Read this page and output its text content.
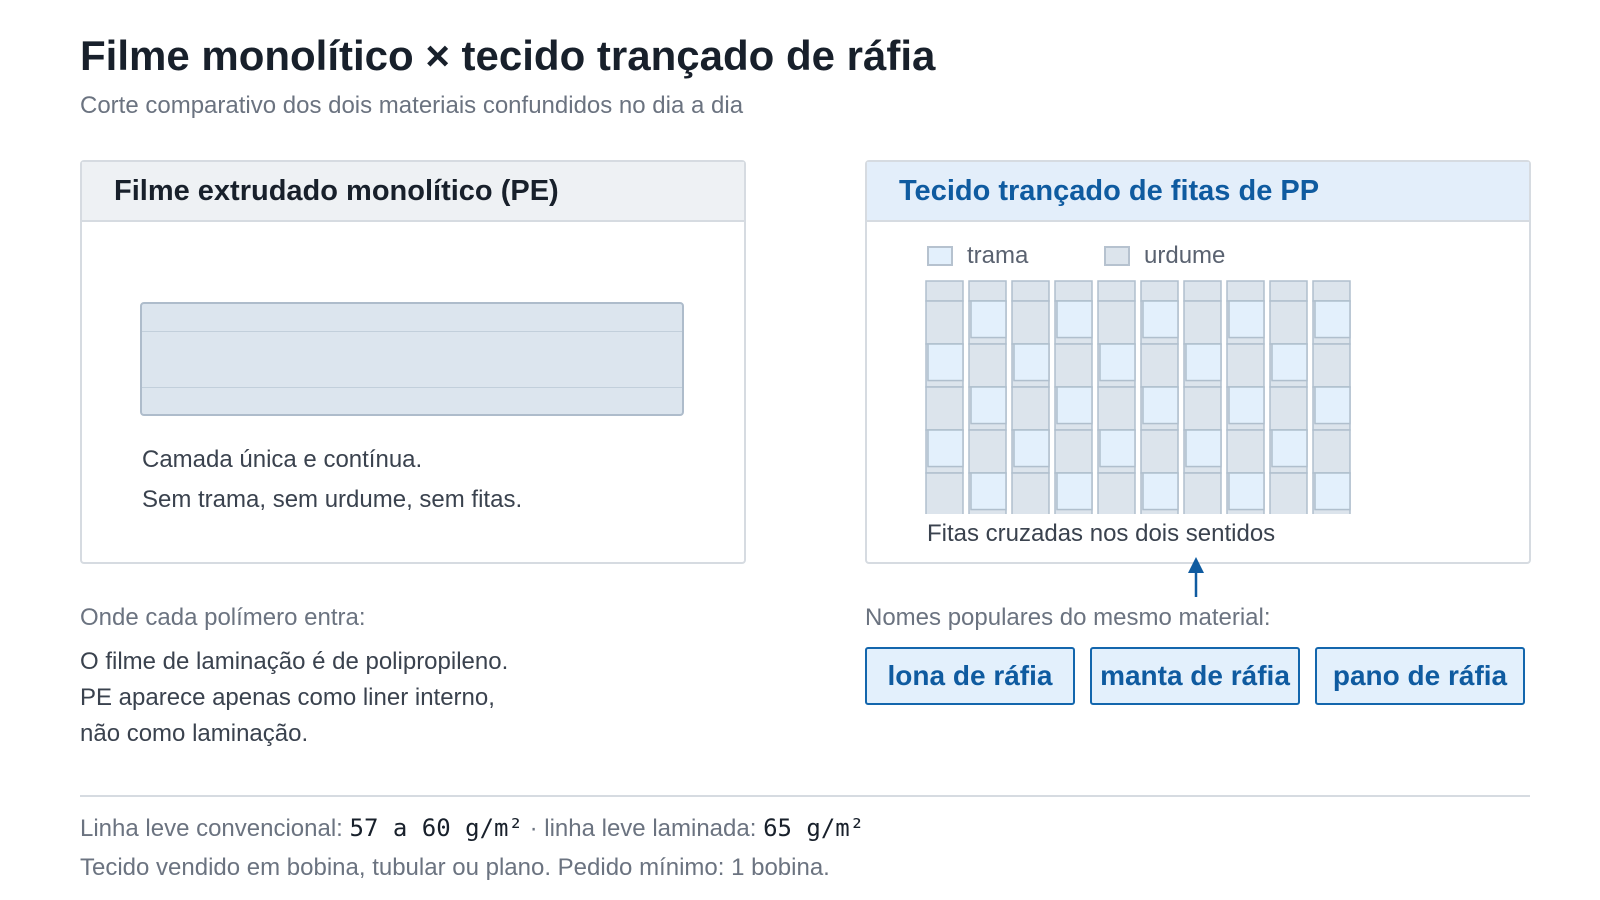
Filme monolítico × tecido trançado de ráfia
Corte comparativo dos dois materiais confundidos no dia a dia
Filme extrudado monolítico (PE)
Camada única e contínua.
Sem trama, sem urdume, sem fitas.
Tecido trançado de fitas de PP
trama	urdume
Fitas cruzadas nos dois sentidos
Onde cada polímero entra:
O filme de laminação é de polipropileno.
PE aparece apenas como liner interno,
não como laminação.
Nomes populares do mesmo material:
lona de ráfia	manta de ráfia	pano de ráfia
Linha leve convencional: 57 a 60 g/m² · linha leve laminada: 65 g/m²
Tecido vendido em bobina, tubular ou plano. Pedido mínimo: 1 bobina.
